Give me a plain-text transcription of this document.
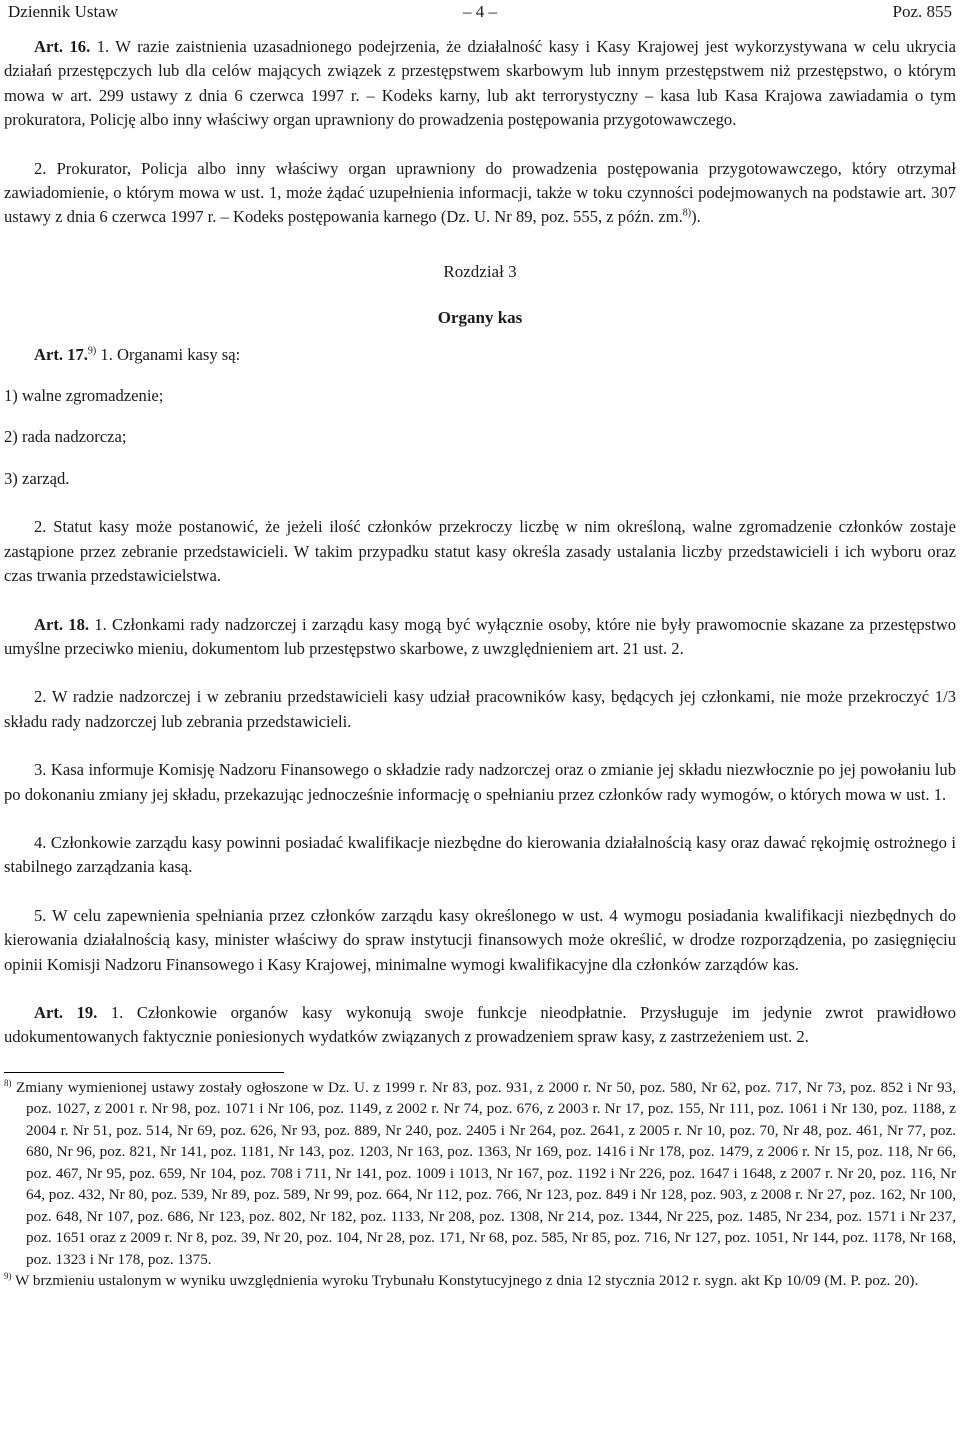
Dziennik Ustaw	– 4 –	Poz. 855

Art. 16. 1. W razie zaistnienia uzasadnionego podejrzenia, że działalność kasy i Kasy Krajowej jest wykorzystywana w celu ukrycia działań przestępczych lub dla celów mających związek z przestępstwem skarbowym lub innym przestępstwem niż przestępstwo, o którym mowa w art. 299 ustawy z dnia 6 czerwca 1997 r. – Kodeks karny, lub akt terrorystyczny – kasa lub Kasa Krajowa zawiadamia o tym prokuratora, Policję albo inny właściwy organ uprawniony do prowadzenia postępowania przygotowawczego.

2. Prokurator, Policja albo inny właściwy organ uprawniony do prowadzenia postępowania przygotowawczego, który otrzymał zawiadomienie, o którym mowa w ust. 1, może żądać uzupełnienia informacji, także w toku czynności podejmowanych na podstawie art. 307 ustawy z dnia 6 czerwca 1997 r. – Kodeks postępowania karnego (Dz. U. Nr 89, poz. 555, z późn. zm.$^{8)}$).

Rozdział 3

Organy kas

Art. 17.$^{9)}$ 1. Organami kasy są:

1) walne zgromadzenie;

2) rada nadzorcza;

3) zarząd.

2. Statut kasy może postanowić, że jeżeli ilość członków przekroczy liczbę w nim określoną, walne zgromadzenie członków zostaje zastąpione przez zebranie przedstawicieli. W takim przypadku statut kasy określa zasady ustalania liczby przedstawicieli i ich wyboru oraz czas trwania przedstawicielstwa.

Art. 18. 1. Członkami rady nadzorczej i zarządu kasy mogą być wyłącznie osoby, które nie były prawomocnie skazane za przestępstwo umyślne przeciwko mieniu, dokumentom lub przestępstwo skarbowe, z uwzględnieniem art. 21 ust. 2.

2. W radzie nadzorczej i w zebraniu przedstawicieli kasy udział pracowników kasy, będących jej członkami, nie może przekroczyć 1/3 składu rady nadzorczej lub zebrania przedstawicieli.

3. Kasa informuje Komisję Nadzoru Finansowego o składzie rady nadzorczej oraz o zmianie jej składu niezwłocznie po jej powołaniu lub po dokonaniu zmiany jej składu, przekazując jednocześnie informację o spełnianiu przez członków rady wymogów, o których mowa w ust. 1.

4. Członkowie zarządu kasy powinni posiadać kwalifikacje niezbędne do kierowania działalnością kasy oraz dawać rękojmię ostrożnego i stabilnego zarządzania kasą.

5. W celu zapewnienia spełniania przez członków zarządu kasy określonego w ust. 4 wymogu posiadania kwalifikacji niezbędnych do kierowania działalnością kasy, minister właściwy do spraw instytucji finansowych może określić, w drodze rozporządzenia, po zasięgnięciu opinii Komisji Nadzoru Finansowego i Kasy Krajowej, minimalne wymogi kwalifikacyjne dla członków zarządów kas.

Art. 19. 1. Członkowie organów kasy wykonują swoje funkcje nieodpłatnie. Przysługuje im jedynie zwrot prawidłowo udokumentowanych faktycznie poniesionych wydatków związanych z prowadzeniem spraw kasy, z zastrzeżeniem ust. 2.

$^{8)}$ Zmiany wymienionej ustawy zostały ogłoszone w Dz. U. z 1999 r. Nr 83, poz. 931, z 2000 r. Nr 50, poz. 580, Nr 62, poz. 717, Nr 73, poz. 852 i Nr 93, poz. 1027, z 2001 r. Nr 98, poz. 1071 i Nr 106, poz. 1149, z 2002 r. Nr 74, poz. 676, z 2003 r. Nr 17, poz. 155, Nr 111, poz. 1061 i Nr 130, poz. 1188, z 2004 r. Nr 51, poz. 514, Nr 69, poz. 626, Nr 93, poz. 889, Nr 240, poz. 2405 i Nr 264, poz. 2641, z 2005 r. Nr 10, poz. 70, Nr 48, poz. 461, Nr 77, poz. 680, Nr 96, poz. 821, Nr 141, poz. 1181, Nr 143, poz. 1203, Nr 163, poz. 1363, Nr 169, poz. 1416 i Nr 178, poz. 1479, z 2006 r. Nr 15, poz. 118, Nr 66, poz. 467, Nr 95, poz. 659, Nr 104, poz. 708 i 711, Nr 141, poz. 1009 i 1013, Nr 167, poz. 1192 i Nr 226, poz. 1647 i 1648, z 2007 r. Nr 20, poz. 116, Nr 64, poz. 432, Nr 80, poz. 539, Nr 89, poz. 589, Nr 99, poz. 664, Nr 112, poz. 766, Nr 123, poz. 849 i Nr 128, poz. 903, z 2008 r. Nr 27, poz. 162, Nr 100, poz. 648, Nr 107, poz. 686, Nr 123, poz. 802, Nr 182, poz. 1133, Nr 208, poz. 1308, Nr 214, poz. 1344, Nr 225, poz. 1485, Nr 234, poz. 1571 i Nr 237, poz. 1651 oraz z 2009 r. Nr 8, poz. 39, Nr 20, poz. 104, Nr 28, poz. 171, Nr 68, poz. 585, Nr 85, poz. 716, Nr 127, poz. 1051, Nr 144, poz. 1178, Nr 168, poz. 1323 i Nr 178, poz. 1375.

$^{9)}$ W brzmieniu ustalonym w wyniku uwzględnienia wyroku Trybunału Konstytucyjnego z dnia 12 stycznia 2012 r. sygn. akt Kp 10/09 (M. P. poz. 20).
